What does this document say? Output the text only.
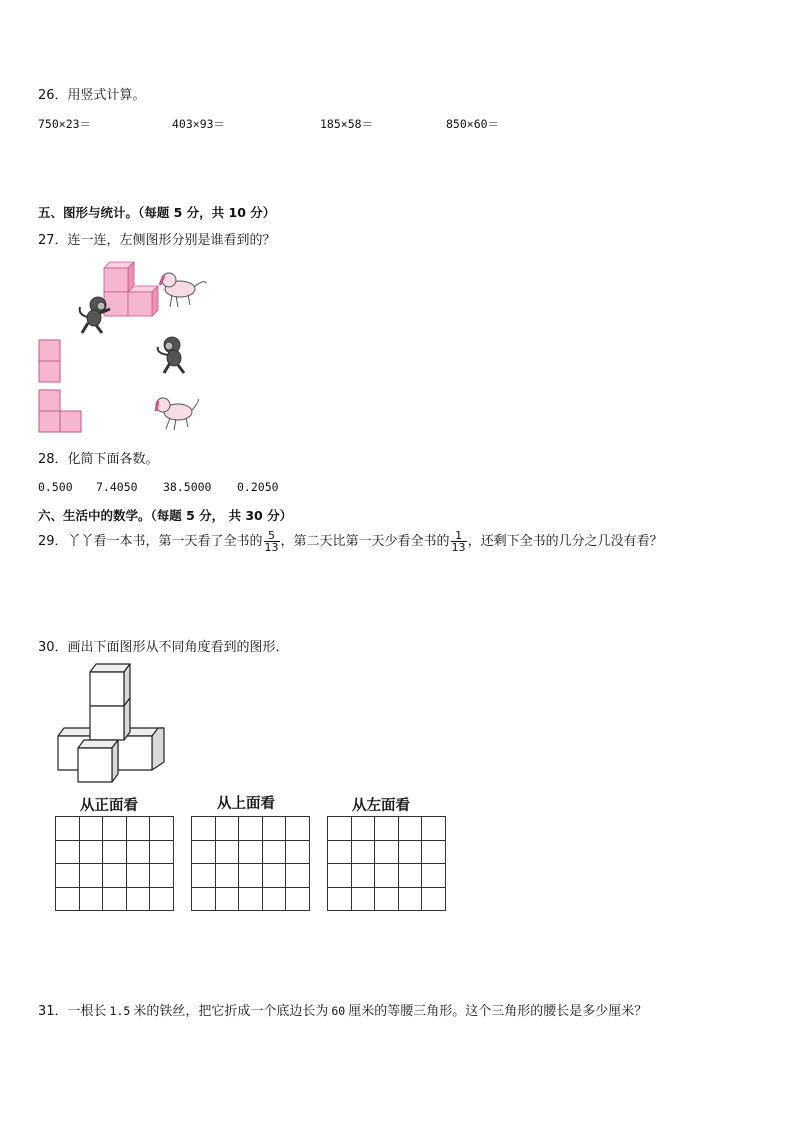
26．用竖式计算。
750×23＝	403×93＝	185×58＝	850×60＝
五、图形与统计。（每题 5 分，共 10 分）
27．连一连，左侧图形分别是谁看到的？
28．化简下面各数。
0.500 7.4050 38.5000 0.2050
六、生活中的数学。（每题 5 分， 共 30 分）
29．丫丫看一本书，第一天看了全书的 $\frac{5}{13}$ ，第二天比第一天少看全书的 $\frac{1}{13}$ ，还剩下全书的几分之几没有看？
30．画出下面图形从不同角度看到的图形．
从正面看

					从上面看

					从左面看

31．一根长 1.5 米的铁丝，把它折成一个底边长为 60 厘米的等腰三角形。这个三角形的腰长是多少厘米？
